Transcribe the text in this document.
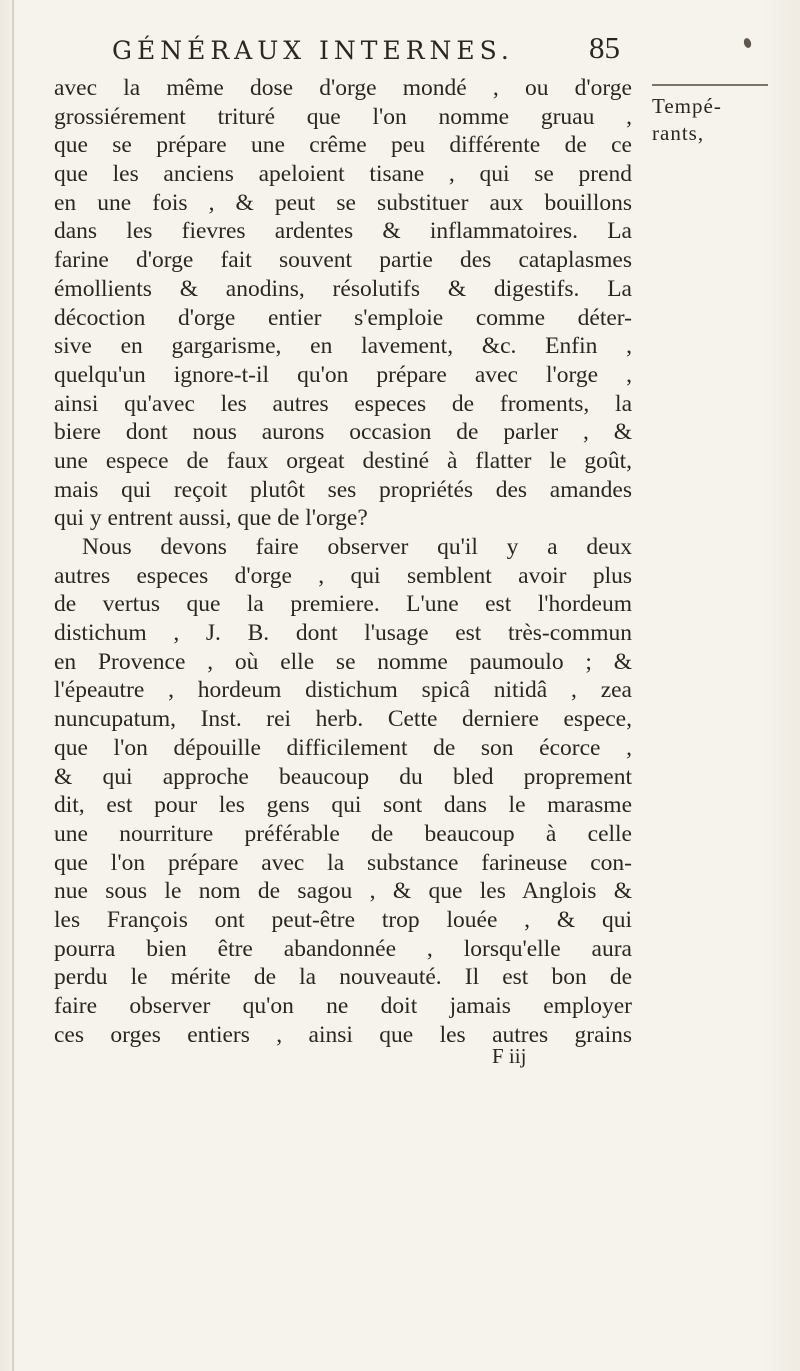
GÉNÉRAUX INTERNES. 85
Tempé-
rants,
avec la même dose d'orge mondé , ou d'orge
grossiérement trituré que l'on nomme gruau ,
que se prépare une crême peu différente de ce
que les anciens apeloient tisane , qui se prend
en une fois , & peut se substituer aux bouillons
dans les fievres ardentes & inflammatoires. La
farine d'orge fait souvent partie des cataplasmes
émollients & anodins, résolutifs & digestifs. La
décoction d'orge entier s'emploie comme déter-
sive en gargarisme, en lavement, &c. Enfin ,
quelqu'un ignore-t-il qu'on prépare avec l'orge ,
ainsi qu'avec les autres especes de froments, la
biere dont nous aurons occasion de parler , &
une espece de faux orgeat destiné à flatter le goût,
mais qui reçoit plutôt ses propriétés des amandes
qui y entrent aussi, que de l'orge?
Nous devons faire observer qu'il y a deux
autres especes d'orge , qui semblent avoir plus
de vertus que la premiere. L'une est l'hordeum
distichum , J. B. dont l'usage est très-commun
en Provence , où elle se nomme paumoulo ; &
l'épeautre , hordeum distichum spicâ nitidâ , zea
nuncupatum, Inst. rei herb. Cette derniere espece,
que l'on dépouille difficilement de son écorce ,
& qui approche beaucoup du bled proprement
dit, est pour les gens qui sont dans le marasme
une nourriture préférable de beaucoup à celle
que l'on prépare avec la substance farineuse con-
nue sous le nom de sagou , & que les Anglois &
les François ont peut-être trop louée , & qui
pourra bien être abandonnée , lorsqu'elle aura
perdu le mérite de la nouveauté. Il est bon de
faire observer qu'on ne doit jamais employer
ces orges entiers , ainsi que les autres grains
F iij
